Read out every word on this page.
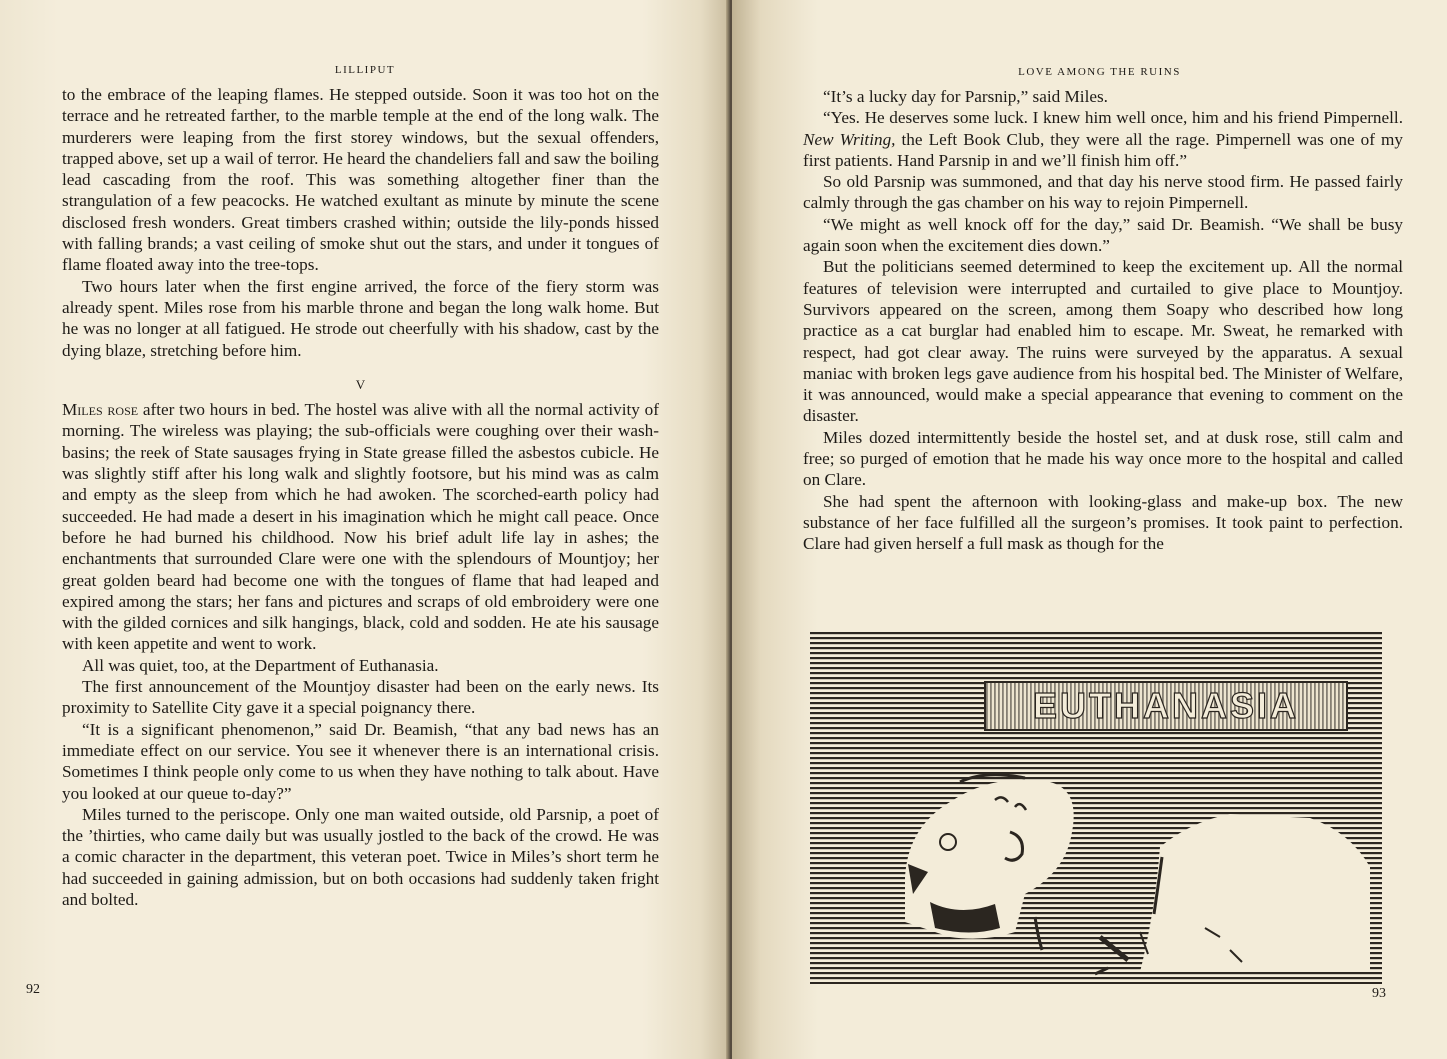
LILLIPUT

to the embrace of the leaping flames. He stepped outside. Soon it was too hot on the terrace and he retreated farther, to the marble temple at the end of the long walk. The murderers were leaping from the first storey windows, but the sexual offenders, trapped above, set up a wail of terror. He heard the chandeliers fall and saw the boiling lead cascading from the roof. This was something altogether finer than the strangulation of a few peacocks. He watched exultant as minute by minute the scene disclosed fresh wonders. Great timbers crashed within; outside the lily-ponds hissed with falling brands; a vast ceiling of smoke shut out the stars, and under it tongues of flame floated away into the tree-tops.

Two hours later when the first engine arrived, the force of the fiery storm was already spent. Miles rose from his marble throne and began the long walk home. But he was no longer at all fatigued. He strode out cheerfully with his shadow, cast by the dying blaze, stretching before him.

V

Miles rose after two hours in bed. The hostel was alive with all the normal activity of morning. The wireless was playing; the sub-officials were coughing over their wash-basins; the reek of State sausages frying in State grease filled the asbestos cubicle. He was slightly stiff after his long walk and slightly footsore, but his mind was as calm and empty as the sleep from which he had awoken. The scorched-earth policy had succeeded. He had made a desert in his imagination which he might call peace. Once before he had burned his childhood. Now his brief adult life lay in ashes; the enchantments that surrounded Clare were one with the splendours of Mountjoy; her great golden beard had become one with the tongues of flame that had leaped and expired among the stars; her fans and pictures and scraps of old embroidery were one with the gilded cornices and silk hangings, black, cold and sodden. He ate his sausage with keen appetite and went to work.

All was quiet, too, at the Department of Euthanasia.

The first announcement of the Mountjoy disaster had been on the early news. Its proximity to Satellite City gave it a special poignancy there.

“It is a significant phenomenon,” said Dr. Beamish, “that any bad news has an immediate effect on our service. You see it whenever there is an international crisis. Sometimes I think people only come to us when they have nothing to talk about. Have you looked at our queue to-day?”

Miles turned to the periscope. Only one man waited outside, old Parsnip, a poet of the ’thirties, who came daily but was usually jostled to the back of the crowd. He was a comic character in the department, this veteran poet. Twice in Miles’s short term he had succeeded in gaining admission, but on both occasions had suddenly taken fright and bolted.

92
LOVE AMONG THE RUINS

“It’s a lucky day for Parsnip,” said Miles.

“Yes. He deserves some luck. I knew him well once, him and his friend Pimpernell. New Writing, the Left Book Club, they were all the rage. Pimpernell was one of my first patients. Hand Parsnip in and we’ll finish him off.”

So old Parsnip was summoned, and that day his nerve stood firm. He passed fairly calmly through the gas chamber on his way to rejoin Pimpernell.

“We might as well knock off for the day,” said Dr. Beamish. “We shall be busy again soon when the excitement dies down.”

But the politicians seemed determined to keep the excitement up. All the normal features of television were interrupted and curtailed to give place to Mountjoy. Survivors appeared on the screen, among them Soapy who described how long practice as a cat burglar had enabled him to escape. Mr. Sweat, he remarked with respect, had got clear away. The ruins were surveyed by the apparatus. A sexual maniac with broken legs gave audience from his hospital bed. The Minister of Welfare, it was announced, would make a special appearance that evening to comment on the disaster.

Miles dozed intermittently beside the hostel set, and at dusk rose, still calm and free; so purged of emotion that he made his way once more to the hospital and called on Clare.

She had spent the afternoon with looking-glass and make-up box. The new substance of her face fulfilled all the surgeon’s promises. It took paint to perfection. Clare had given herself a full mask as though for the

EUTHANASIA
93
